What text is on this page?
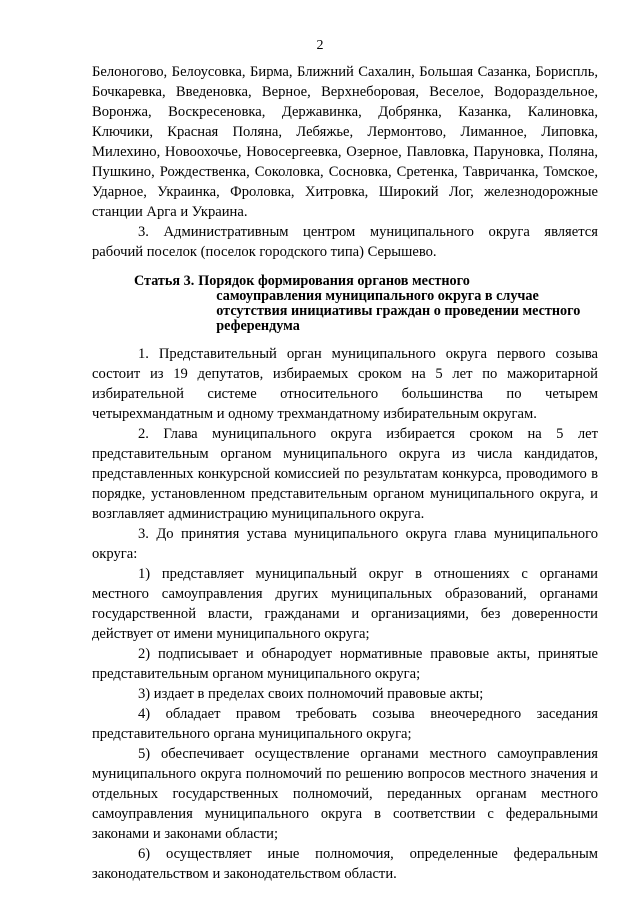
2

Белоногово, Белоусовка, Бирма, Ближний Сахалин, Большая Сазанка, Бориспль, Бочкаревка, Введеновка, Верное, Верхнеборовая, Веселое, Водораздельное, Воронжа, Воскресеновка, Державинка, Добрянка, Казанка, Калиновка, Ключики, Красная Поляна, Лебяжье, Лермонтово, Лиманное, Липовка, Милехино, Новоохочье, Новосергеевка, Озерное, Павловка, Паруновка, Поляна, Пушкино, Рождественка, Соколовка, Сосновка, Сретенка, Тавричанка, Томское, Ударное, Украинка, Фроловка, Хитровка, Широкий Лог, железнодорожные станции Арга и Украина.

3. Административным центром муниципального округа является рабочий поселок (поселок городского типа) Серышево.

Статья 3. Порядок формирования органов местного
самоуправления муниципального округа в случае отсутствия инициативы граждан о проведении местного референдума

1. Представительный орган муниципального округа первого созыва состоит из 19 депутатов, избираемых сроком на 5 лет по мажоритарной избирательной системе относительного большинства по четырем четырехмандатным и одному трехмандатному избирательным округам.

2. Глава муниципального округа избирается сроком на 5 лет представительным органом муниципального округа из числа кандидатов, представленных конкурсной комиссией по результатам конкурса, проводимого в порядке, установленном представительным органом муниципального округа, и возглавляет администрацию муниципального округа.

3. До принятия устава муниципального округа глава муниципального округа:

1) представляет муниципальный округ в отношениях с органами местного самоуправления других муниципальных образований, органами государственной власти, гражданами и организациями, без доверенности действует от имени муниципального округа;

2) подписывает и обнародует нормативные правовые акты, принятые представительным органом муниципального округа;

3) издает в пределах своих полномочий правовые акты;

4) обладает правом требовать созыва внеочередного заседания представительного органа муниципального округа;

5) обеспечивает осуществление органами местного самоуправления муниципального округа полномочий по решению вопросов местного значения и отдельных государственных полномочий, переданных органам местного самоуправления муниципального округа в соответствии с федеральными законами и законами области;

6) осуществляет иные полномочия, определенные федеральным законодательством и законодательством области.
